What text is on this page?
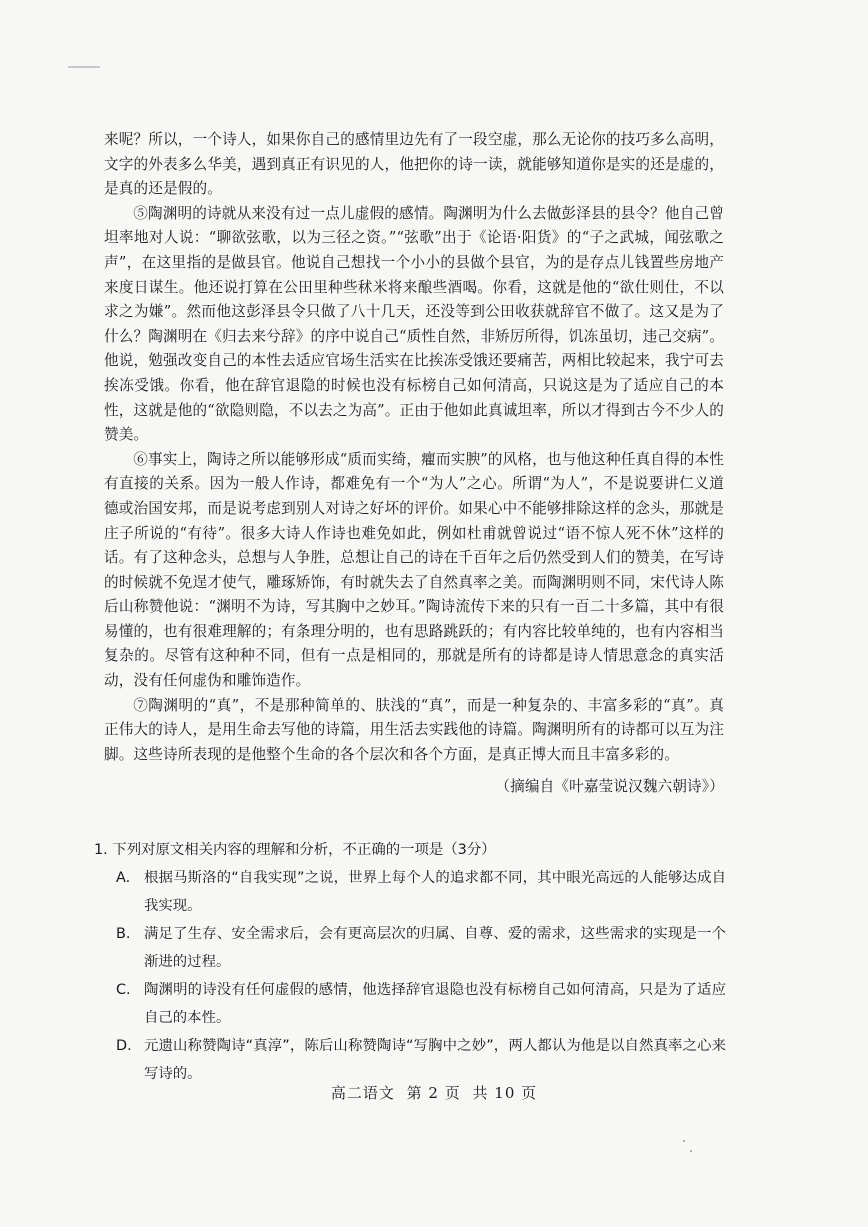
来呢？所以，一个诗人，如果你自己的感情里边先有了一段空虚，那么无论你的技巧多么高明，文字的外表多么华美，遇到真正有识见的人，他把你的诗一读，就能够知道你是实的还是虚的，是真的还是假的。

⑤陶渊明的诗就从来没有过一点儿虚假的感情。陶渊明为什么去做彭泽县的县令？他自己曾坦率地对人说：“聊欲弦歌，以为三径之资。”“弦歌”出于《论语·阳货》的“子之武城，闻弦歌之声”，在这里指的是做县官。他说自己想找一个小小的县做个县官，为的是存点儿钱置些房地产来度日谋生。他还说打算在公田里种些秫米将来酿些酒喝。你看，这就是他的“欲仕则仕，不以求之为嫌”。然而他这彭泽县令只做了八十几天，还没等到公田收获就辞官不做了。这又是为了什么？陶渊明在《归去来兮辞》的序中说自己“质性自然，非矫厉所得，饥冻虽切，违己交病”。他说，勉强改变自己的本性去适应官场生活实在比挨冻受饿还要痛苦，两相比较起来，我宁可去挨冻受饿。你看，他在辞官退隐的时候也没有标榜自己如何清高，只说这是为了适应自己的本性，这就是他的“欲隐则隐，不以去之为高”。正由于他如此真诚坦率，所以才得到古今不少人的赞美。

⑥事实上，陶诗之所以能够形成“质而实绮，癯而实腴”的风格，也与他这种任真自得的本性有直接的关系。因为一般人作诗，都难免有一个“为人”之心。所谓“为人”，不是说要讲仁义道德或治国安邦，而是说考虑到别人对诗之好坏的评价。如果心中不能够排除这样的念头，那就是庄子所说的“有待”。很多大诗人作诗也难免如此，例如杜甫就曾说过“语不惊人死不休”这样的话。有了这种念头，总想与人争胜，总想让自己的诗在千百年之后仍然受到人们的赞美，在写诗的时候就不免逞才使气，雕琢矫饰，有时就失去了自然真率之美。而陶渊明则不同，宋代诗人陈后山称赞他说：“渊明不为诗，写其胸中之妙耳。”陶诗流传下来的只有一百二十多篇，其中有很易懂的，也有很难理解的；有条理分明的，也有思路跳跃的；有内容比较单纯的，也有内容相当复杂的。尽管有这种种不同，但有一点是相同的，那就是所有的诗都是诗人情思意念的真实活动，没有任何虚伪和雕饰造作。

⑦陶渊明的“真”，不是那种简单的、肤浅的“真”，而是一种复杂的、丰富多彩的“真”。真正伟大的诗人，是用生命去写他的诗篇，用生活去实践他的诗篇。陶渊明所有的诗都可以互为注脚。这些诗所表现的是他整个生命的各个层次和各个方面，是真正博大而且丰富多彩的。

（摘编自《叶嘉莹说汉魏六朝诗》）

1. 下列对原文相关内容的理解和分析，不正确的一项是（3分）

A. 根据马斯洛的“自我实现”之说，世界上每个人的追求都不同，其中眼光高远的人能够达成自我实现。
B. 满足了生存、安全需求后，会有更高层次的归属、自尊、爱的需求，这些需求的实现是一个渐进的过程。
C. 陶渊明的诗没有任何虚假的感情，他选择辞官退隐也没有标榜自己如何清高，只是为了适应自己的本性。
D. 元遗山称赞陶诗“真淳”，陈后山称赞陶诗“写胸中之妙”，两人都认为他是以自然真率之心来写诗的。
高二语文 第 2 页 共 10 页
